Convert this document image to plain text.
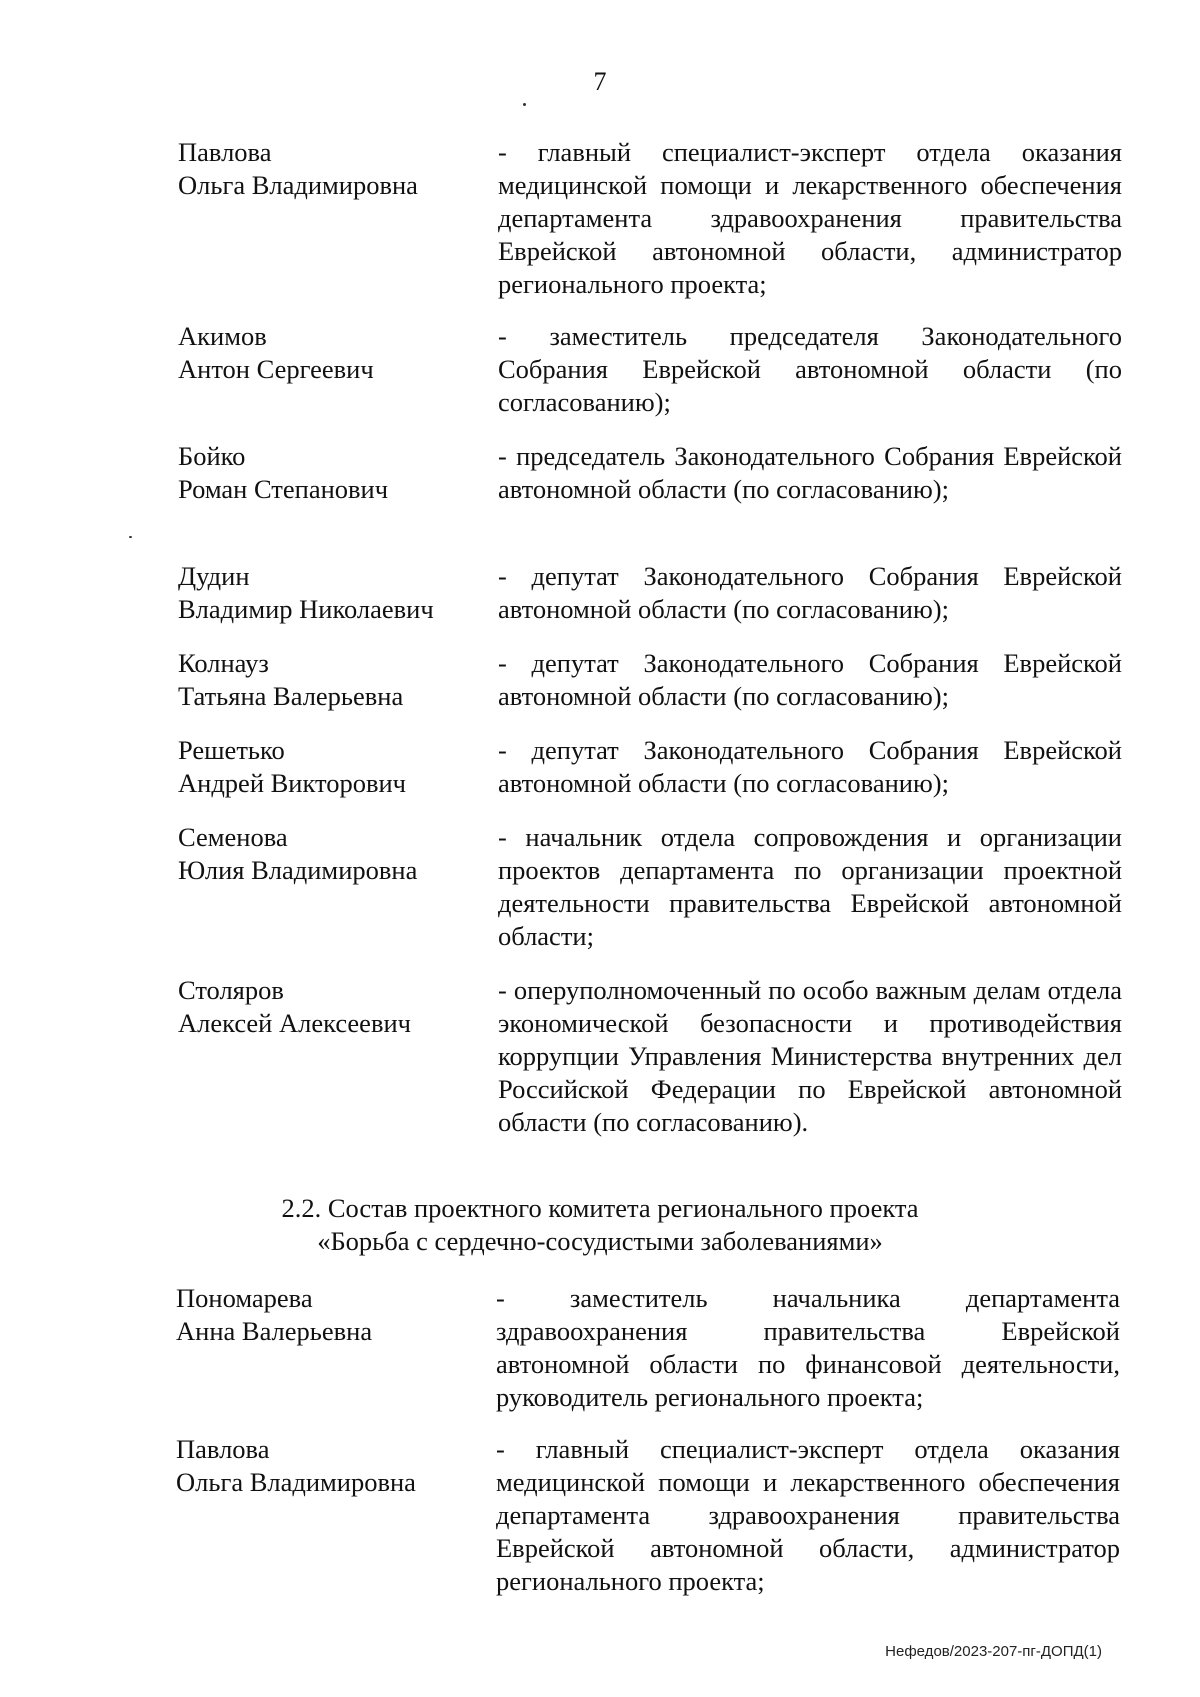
7
Павлова
Ольга Владимировна
- главный специалист-эксперт отдела оказания медицинской помощи и лекарственного обеспечения департамента здравоохранения правительства Еврейской автономной области, администратор регионального проекта;
Акимов
Антон Сергеевич
- заместитель председателя Законодательного Собрания Еврейской автономной области (по согласованию);
Бойко
Роман Степанович
- председатель Законодательного Собрания Еврейской автономной области (по согласованию);
Дудин
Владимир Николаевич
- депутат Законодательного Собрания Еврейской автономной области (по согласованию);
Колнауз
Татьяна Валерьевна
- депутат Законодательного Собрания Еврейской автономной области (по согласованию);
Решетько
Андрей Викторович
- депутат Законодательного Собрания Еврейской автономной области (по согласованию);
Семенова
Юлия Владимировна
- начальник отдела сопровождения и организации проектов департамента по организации проектной деятельности правительства Еврейской автономной области;
Столяров
Алексей Алексеевич
- оперуполномоченный по особо важным делам отдела экономической безопасности и противодействия коррупции Управления Министерства внутренних дел Российской Федерации по Еврейской автономной области (по согласованию).
2.2. Состав проектного комитета регионального проекта
«Борьба с сердечно-сосудистыми заболеваниями»
Пономарева
Анна Валерьевна
- заместитель начальника департамента здравоохранения правительства Еврейской автономной области по финансовой деятельности, руководитель регионального проекта;
Павлова
Ольга Владимировна
- главный специалист-эксперт отдела оказания медицинской помощи и лекарственного обеспечения департамента здравоохранения правительства Еврейской автономной области, администратор регионального проекта;
Нефедов/2023-207-пг-ДОПД(1)
